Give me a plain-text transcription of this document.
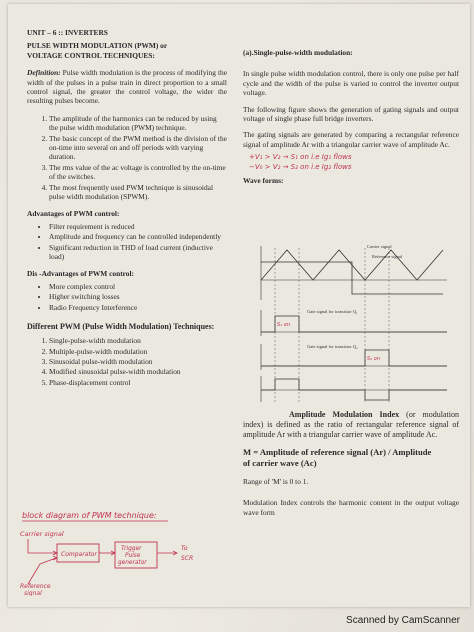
UNIT – 6 :: INVERTERS
PULSE WIDTH MODULATION (PWM) or
VOLTAGE CONTROL TECHNIQUES:

Definition: Pulse width modulation is the process of modifying the width of the pulses in a pulse train in direct proportion to a small control signal, the greater the control voltage, the wider the resulting pulses become.

1. The amplitude of the harmonics can be reduced by using the pulse width modulation (PWM) technique.
2. The basic concept of the PWM method is the division of the on-time into several on and off periods with varying duration.
3. The rms value of the ac voltage is controlled by the on-time of the switches.
4. The most frequently used PWM technique is sinusoidal pulse width modulation (SPWM).
Advantages of PWM control:
• Filter requirement is reduced
• Amplitude and frequency can be controlled independently
• Significant reduction in THD of load current (inductive load)
Dis -Advantages of PWM control:
• More complex control
• Higher switching losses
• Radio Frequency Interference
Different PWM (Pulse Width Modulation) Techniques:
1. Single-pulse-width modulation
2. Multiple-pulse-width modulation
3. Sinusoidal pulse-width modulation
4. Modified sinusoidal pulse-width modulation
5. Phase-displacement control
block diagram of PWM technique:
Carrier signal
Comparator
Trigger
Pulse
generator
To
SCR
Reference
signal
(a).Single-pulse-width modulation:

In single pulse width modulation control, there is only one pulse per half cycle and the width of the pulse is varied to control the inverter output voltage.

The following figure shows the generation of gating signals and output voltage of single phase full bridge inverters.

The gating signals are generated by comparing a rectangular reference signal of amplitude Ar with a triangular carrier wave of amplitude Ac.

+V₁ > V₂ → S₁ on i.e Ig₁ flows
−V₀ > V₂ → S₂ on i.e Ig₂ flows
Wave forms:
Carrier signal
Reference signal
Gate signal for transistor Q₁
S₁ on
Gate signal for transistor Q₂
S₂ on

Amplitude Modulation Index (or modulation index) is defined as the ratio of rectangular reference signal of amplitude Ar with a triangular carrier wave of amplitude Ac.

M = Amplitude of reference signal (Ar) / Amplitude
of carrier wave (Ac)

Range of 'M' is 0 to 1.

Modulation Index controls the harmonic content in the output voltage wave form

Scanned by CamScanner
